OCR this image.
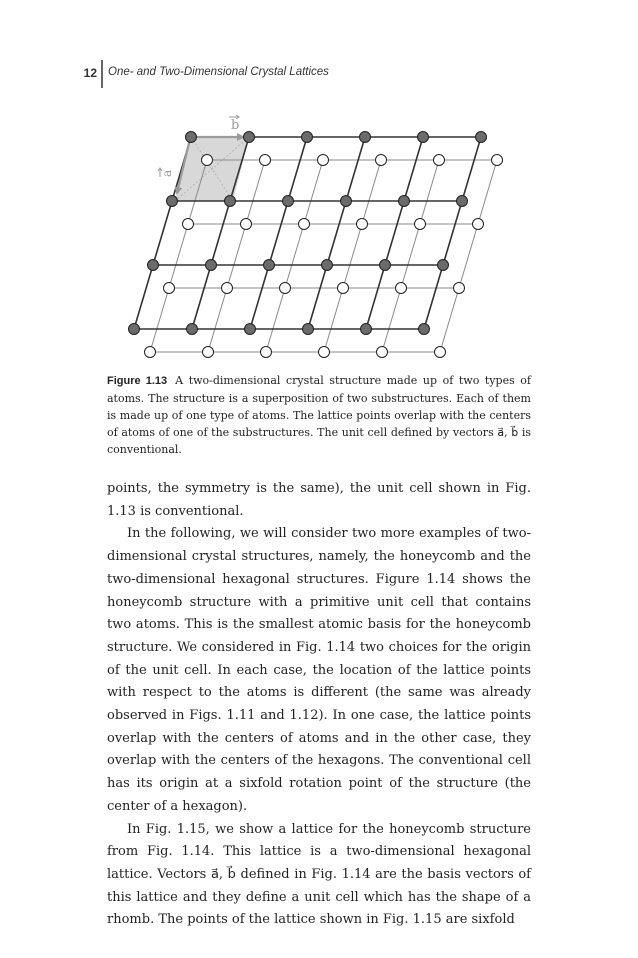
12 One- and Two-Dimensional Crystal Lattices
b
a
Figure 1.13 A two-dimensional crystal structure made up of two types of atoms. The structure is a superposition of two substructures. Each of them is made up of one type of atoms. The lattice points overlap with the centers of atoms of one of the substructures. The unit cell defined by vectors a⃗, b⃗ is conventional.

points, the symmetry is the same), the unit cell shown in Fig. 1.13 is conventional.

In the following, we will consider two more examples of two-dimensional crystal structures, namely, the honeycomb and the two-dimensional hexagonal structures. Figure 1.14 shows the honeycomb structure with a primitive unit cell that contains two atoms. This is the smallest atomic basis for the honeycomb structure. We considered in Fig. 1.14 two choices for the origin of the unit cell. In each case, the location of the lattice points with respect to the atoms is different (the same was already observed in Figs. 1.11 and 1.12). In one case, the lattice points overlap with the centers of atoms and in the other case, they overlap with the centers of the hexagons. The conventional cell has its origin at a sixfold rotation point of the structure (the center of a hexagon).

In Fig. 1.15, we show a lattice for the honeycomb structure from Fig. 1.14. This lattice is a two-dimensional hexagonal lattice. Vectors a⃗, b⃗ defined in Fig. 1.14 are the basis vectors of this lattice and they define a unit cell which has the shape of a rhomb. The points of the lattice shown in Fig. 1.15 are sixfold
